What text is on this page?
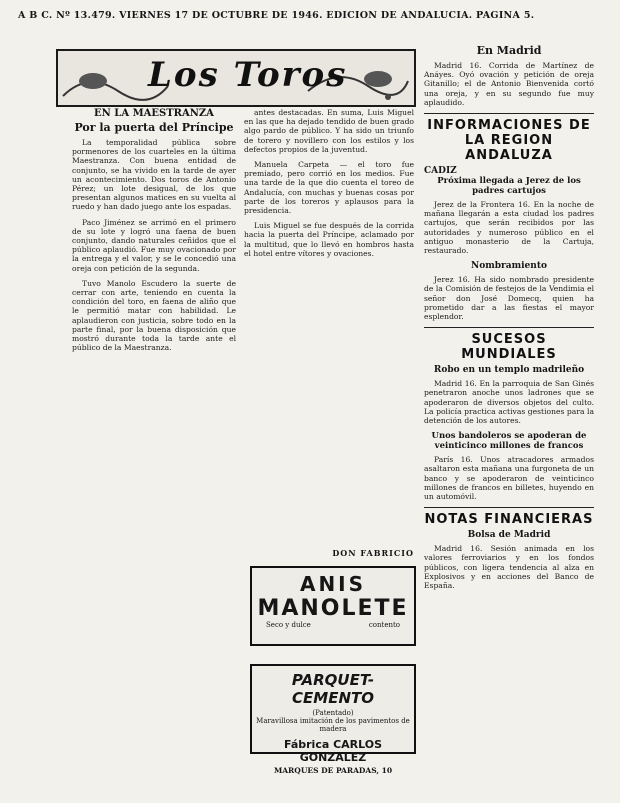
A B C. Nº 13.479. VIERNES 17 DE OCTUBRE DE 1946. EDICION DE ANDALUCIA. PAGINA 5.
Los Toros
EN LA MAESTRANZA
Por la puerta del Príncipe

La temporalidad pública sobre pormenores de los cuarteles en la última Maestranza. Con buena entidad de conjunto, se ha vivido en la tarde de ayer un acontecimiento. Dos toros de Antonio Pérez; un lote desigual, de los que presentan algunos matices en su vuelta al ruedo y han dado juego ante los espadas.

Paco Jiménez se arrimó en el primero de su lote y logró una faena de buen conjunto, dando naturales ceñidos que el público aplaudió. Fue muy ovacionado por la entrega y el valor, y se le concedió una oreja con petición de la segunda.

Tuvo Manolo Escudero la suerte de cerrar con arte, teniendo en cuenta la condición del toro, en faena de aliño que le permitió matar con habilidad. Le aplaudieron con justicia, sobre todo en la parte final, por la buena disposición que mostró durante toda la tarde ante el público de la Maestranza.

antes destacadas. En suma, Luis Miguel en las que ha dejado tendido de buen grado algo pardo de público. Y ha sido un triunfo de torero y novillero con los estilos y los defectos propios de la juventud.

Manuela Carpeta — el toro fue premiado, pero corrió en los medios. Fue una tarde de la que dio cuenta el toreo de Andalucía, con muchas y buenas cosas por parte de los toreros y aplausos para la presidencia.

Luis Miguel se fue después de la corrida hacia la puerta del Príncipe, aclamado por la multitud, que lo llevó en hombros hasta el hotel entre vítores y ovaciones.

DON FABRICIO
ANIS
MANOLETE
Seco y dulce	contento
PARQUET-CEMENTO
(Patentado)
Maravillosa imitación de los pavimentos de madera
Fábrica CARLOS GONZALEZ
MARQUES DE PARADAS, 10
En Madrid

Madrid 16. Corrida de Martínez de Anáyes. Oyó ovación y petición de oreja Gitanillo; el de Antonio Bienvenida cortó una oreja, y en su segundo fue muy aplaudido.

INFORMACIONES DE LA REGION ANDALUZA
CADIZ
Próxima llegada a Jerez de los padres cartujos

Jerez de la Frontera 16. En la noche de mañana llegarán a esta ciudad los padres cartujos, que serán recibidos por las autoridades y numeroso público en el antiguo monasterio de la Cartuja, restaurado.

Nombramiento

Jerez 16. Ha sido nombrado presidente de la Comisión de festejos de la Vendimia el señor don José Domecq, quien ha prometido dar a las fiestas el mayor esplendor.

SUCESOS MUNDIALES
Robo en un templo madrileño

Madrid 16. En la parroquia de San Ginés penetraron anoche unos ladrones que se apoderaron de diversos objetos del culto. La policía practica activas gestiones para la detención de los autores.

Unos bandoleros se apoderan de veinticinco millones de francos

París 16. Unos atracadores armados asaltaron esta mañana una furgoneta de un banco y se apoderaron de veinticinco millones de francos en billetes, huyendo en un automóvil.

NOTAS FINANCIERAS
Bolsa de Madrid

Madrid 16. Sesión animada en los valores ferroviarios y en los fondos públicos, con ligera tendencia al alza en Explosivos y en acciones del Banco de España.
